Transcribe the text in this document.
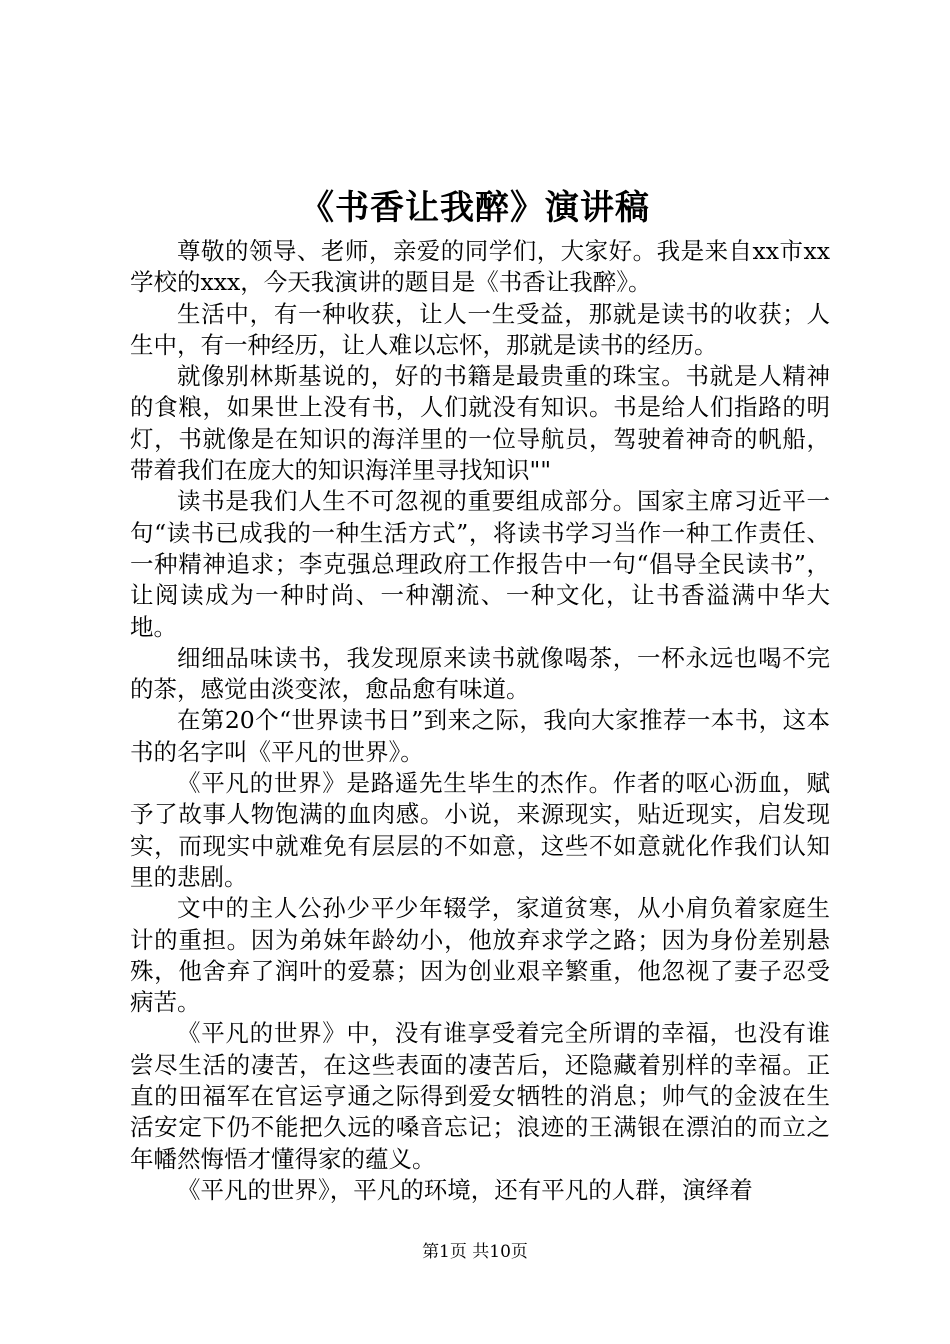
《书香让我醉》演讲稿

尊敬的领导、老师，亲爱的同学们，大家好。我是来自xx市xx学校的xxx，今天我演讲的题目是《书香让我醉》。

生活中，有一种收获，让人一生受益，那就是读书的收获；人生中，有一种经历，让人难以忘怀，那就是读书的经历。

就像别林斯基说的，好的书籍是最贵重的珠宝。书就是人精神的食粮，如果世上没有书，人们就没有知识。书是给人们指路的明灯，书就像是在知识的海洋里的一位导航员，驾驶着神奇的帆船，带着我们在庞大的知识海洋里寻找知识""

读书是我们人生不可忽视的重要组成部分。国家主席习近平一句“读书已成我的一种生活方式”，将读书学习当作一种工作责任、一种精神追求；李克强总理政府工作报告中一句“倡导全民读书”，让阅读成为一种时尚、一种潮流、一种文化，让书香溢满中华大地。

细细品味读书，我发现原来读书就像喝茶，一杯永远也喝不完的茶，感觉由淡变浓，愈品愈有味道。

在第20个“世界读书日”到来之际，我向大家推荐一本书，这本书的名字叫《平凡的世界》。

《平凡的世界》是路遥先生毕生的杰作。作者的呕心沥血，赋予了故事人物饱满的血肉感。小说，来源现实，贴近现实，启发现实，而现实中就难免有层层的不如意，这些不如意就化作我们认知里的悲剧。

文中的主人公孙少平少年辍学，家道贫寒，从小肩负着家庭生计的重担。因为弟妹年龄幼小，他放弃求学之路；因为身份差别悬殊，他舍弃了润叶的爱慕；因为创业艰辛繁重，他忽视了妻子忍受病苦。

《平凡的世界》中，没有谁享受着完全所谓的幸福，也没有谁尝尽生活的凄苦，在这些表面的凄苦后，还隐藏着别样的幸福。正直的田福军在官运亨通之际得到爱女牺牲的消息；帅气的金波在生活安定下仍不能把久远的嗓音忘记；浪迹的王满银在漂泊的而立之年幡然悔悟才懂得家的蕴义。

《平凡的世界》，平凡的环境，还有平凡的人群，演绎着

第1页 共10页
